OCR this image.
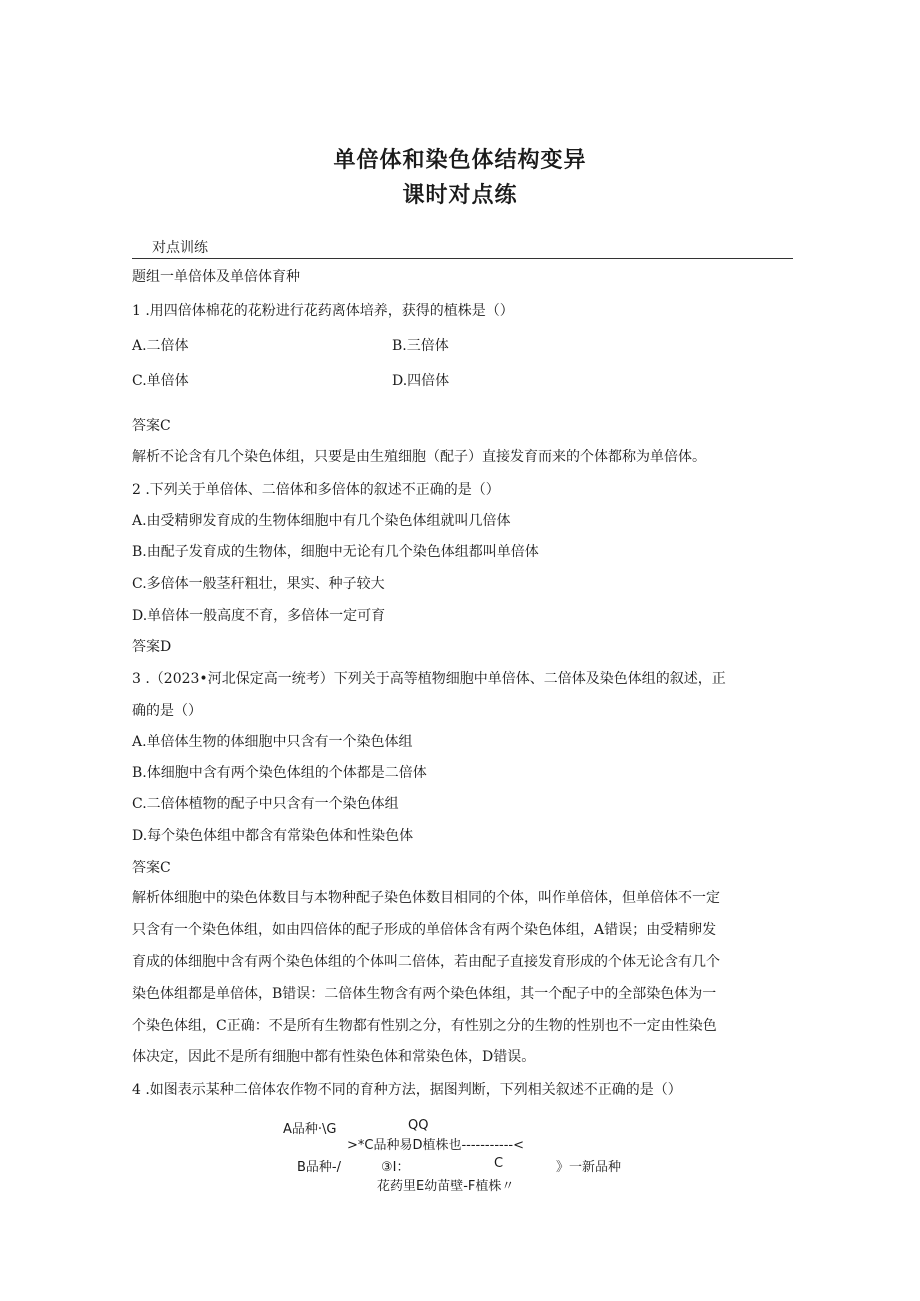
单倍体和染色体结构变异
课时对点练
对点训练
题组一单倍体及单倍体育种
1 .用四倍体棉花的花粉进行花药离体培养，获得的植株是（）
A.二倍体	B.三倍体
C.单倍体	D.四倍体
答案C
解析不论含有几个染色体组，只要是由生殖细胞（配子）直接发育而来的个体都称为单倍体。
2 .下列关于单倍体、二倍体和多倍体的叙述不正确的是（）
A.由受精卵发育成的生物体细胞中有几个染色体组就叫几倍体
B.由配子发育成的生物体，细胞中无论有几个染色体组都叫单倍体
C.多倍体一般茎秆粗壮，果实、种子较大
D.单倍体一般高度不育，多倍体一定可育
答案D
3 .（2023•河北保定高一统考）下列关于高等植物细胞中单倍体、二倍体及染色体组的叙述，正
确的是（）
A.单倍体生物的体细胞中只含有一个染色体组
B.体细胞中含有两个染色体组的个体都是二倍体
C.二倍体植物的配子中只含有一个染色体组
D.每个染色体组中都含有常染色体和性染色体
答案C
解析体细胞中的染色体数目与本物种配子染色体数目相同的个体，叫作单倍体，但单倍体不一定
只含有一个染色体组，如由四倍体的配子形成的单倍体含有两个染色体组，A错误；由受精卵发
育成的体细胞中含有两个染色体组的个体叫二倍体，若由配子直接发育形成的个体无论含有几个
染色体组都是单倍体，B错误：二倍体生物含有两个染色体组，其一个配子中的全部染色体为一
个染色体组，C正确：不是所有生物都有性别之分，有性别之分的生物的性别也不一定由性染色
体决定，因此不是所有细胞中都有性染色体和常染色体，D错误。
4 .如图表示某种二倍体农作物不同的育种方法，据图判断，下列相关叙述不正确的是（）
A品种·\G	QQ
>*C品种易D植株也-----------<
B品种-/	③I：	C	》一新品种
花药里E幼苗壁-F植株〃
